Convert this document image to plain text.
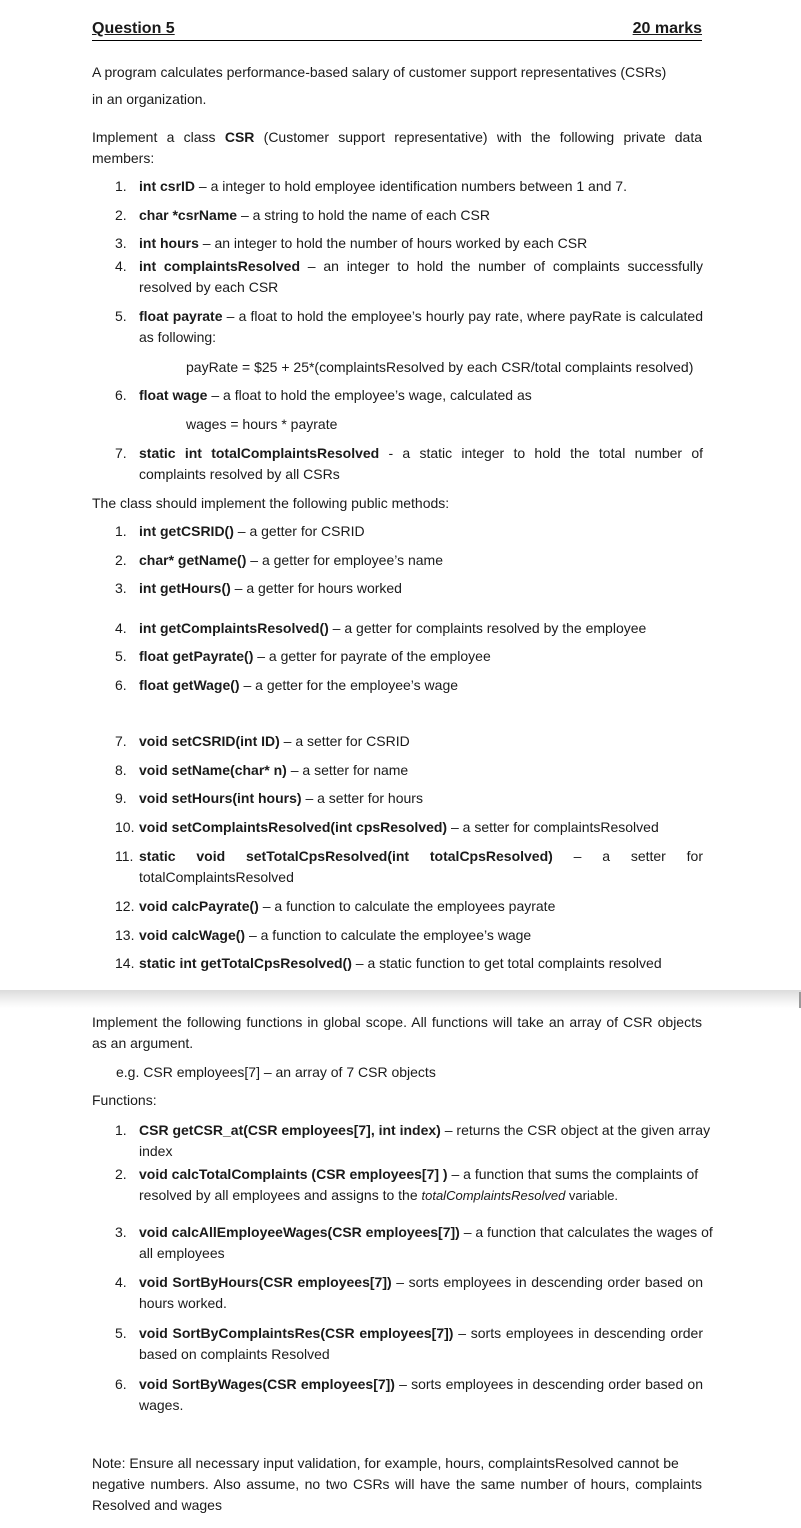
Question 5	20 marks
A program calculates performance-based salary of customer support representatives (CSRs)
in an organization.
Implement a class CSR (Customer support representative) with the following private data
members:
1. int csrID – a integer to hold employee identification numbers between 1 and 7.
2. char *csrName – a string to hold the name of each CSR
3. int hours – an integer to hold the number of hours worked by each CSR
4. int complaintsResolved – an integer to hold the number of complaints successfully
resolved by each CSR
5. float payrate – a float to hold the employee’s hourly pay rate, where payRate is calculated
as following:
payRate = $25 + 25*(complaintsResolved by each CSR/total complaints resolved)
6. float wage – a float to hold the employee’s wage, calculated as
wages = hours * payrate
7. static int totalComplaintsResolved - a static integer to hold the total number of
complaints resolved by all CSRs
The class should implement the following public methods:
1. int getCSRID() – a getter for CSRID
2. char* getName() – a getter for employee’s name
3. int getHours() – a getter for hours worked
4. int getComplaintsResolved() – a getter for complaints resolved by the employee
5. float getPayrate() – a getter for payrate of the employee
6. float getWage() – a getter for the employee’s wage
7. void setCSRID(int ID) – a setter for CSRID
8. void setName(char* n) – a setter for name
9. void setHours(int hours) – a setter for hours
10. void setComplaintsResolved(int cpsResolved) – a setter for complaintsResolved
11. static void setTotalCpsResolved(int totalCpsResolved) – a setter for
totalComplaintsResolved
12. void calcPayrate() – a function to calculate the employees payrate
13. void calcWage() – a function to calculate the employee’s wage
14. static int getTotalCpsResolved() – a static function to get total complaints resolved
Implement the following functions in global scope. All functions will take an array of CSR objects
as an argument.
e.g. CSR employees[7] – an array of 7 CSR objects
Functions:
1. CSR getCSR_at(CSR employees[7], int index) – returns the CSR object at the given array
index
2. void calcTotalComplaints (CSR employees[7] ) – a function that sums the complaints of
resolved by all employees and assigns to the totalComplaintsResolved variable.
3. void calcAllEmployeeWages(CSR employees[7]) – a function that calculates the wages of
all employees
4. void SortByHours(CSR employees[7]) – sorts employees in descending order based on
hours worked.
5. void SortByComplaintsRes(CSR employees[7]) – sorts employees in descending order
based on complaints Resolved
6. void SortByWages(CSR employees[7]) – sorts employees in descending order based on
wages.
Note: Ensure all necessary input validation, for example, hours, complaintsResolved cannot be
negative numbers. Also assume, no two CSRs will have the same number of hours, complaints
Resolved and wages
